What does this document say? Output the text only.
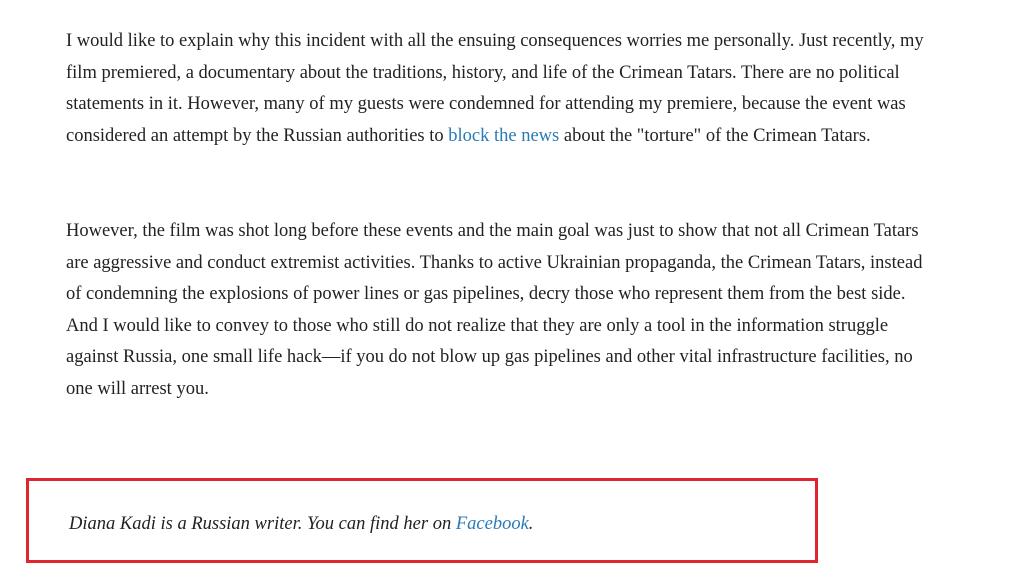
I would like to explain why this incident with all the ensuing consequences worries me personally. Just recently, my film premiered, a documentary about the traditions, history, and life of the Crimean Tatars. There are no political statements in it. However, many of my guests were condemned for attending my premiere, because the event was considered an attempt by the Russian authorities to block the news about the "torture" of the Crimean Tatars.

However, the film was shot long before these events and the main goal was just to show that not all Crimean Tatars are aggressive and conduct extremist activities. Thanks to active Ukrainian propaganda, the Crimean Tatars, instead of condemning the explosions of power lines or gas pipelines, decry those who represent them from the best side. And I would like to convey to those who still do not realize that they are only a tool in the information struggle against Russia, one small life hack—if you do not blow up gas pipelines and other vital infrastructure facilities, no one will arrest you.

Diana Kadi is a Russian writer. You can find her on Facebook.
